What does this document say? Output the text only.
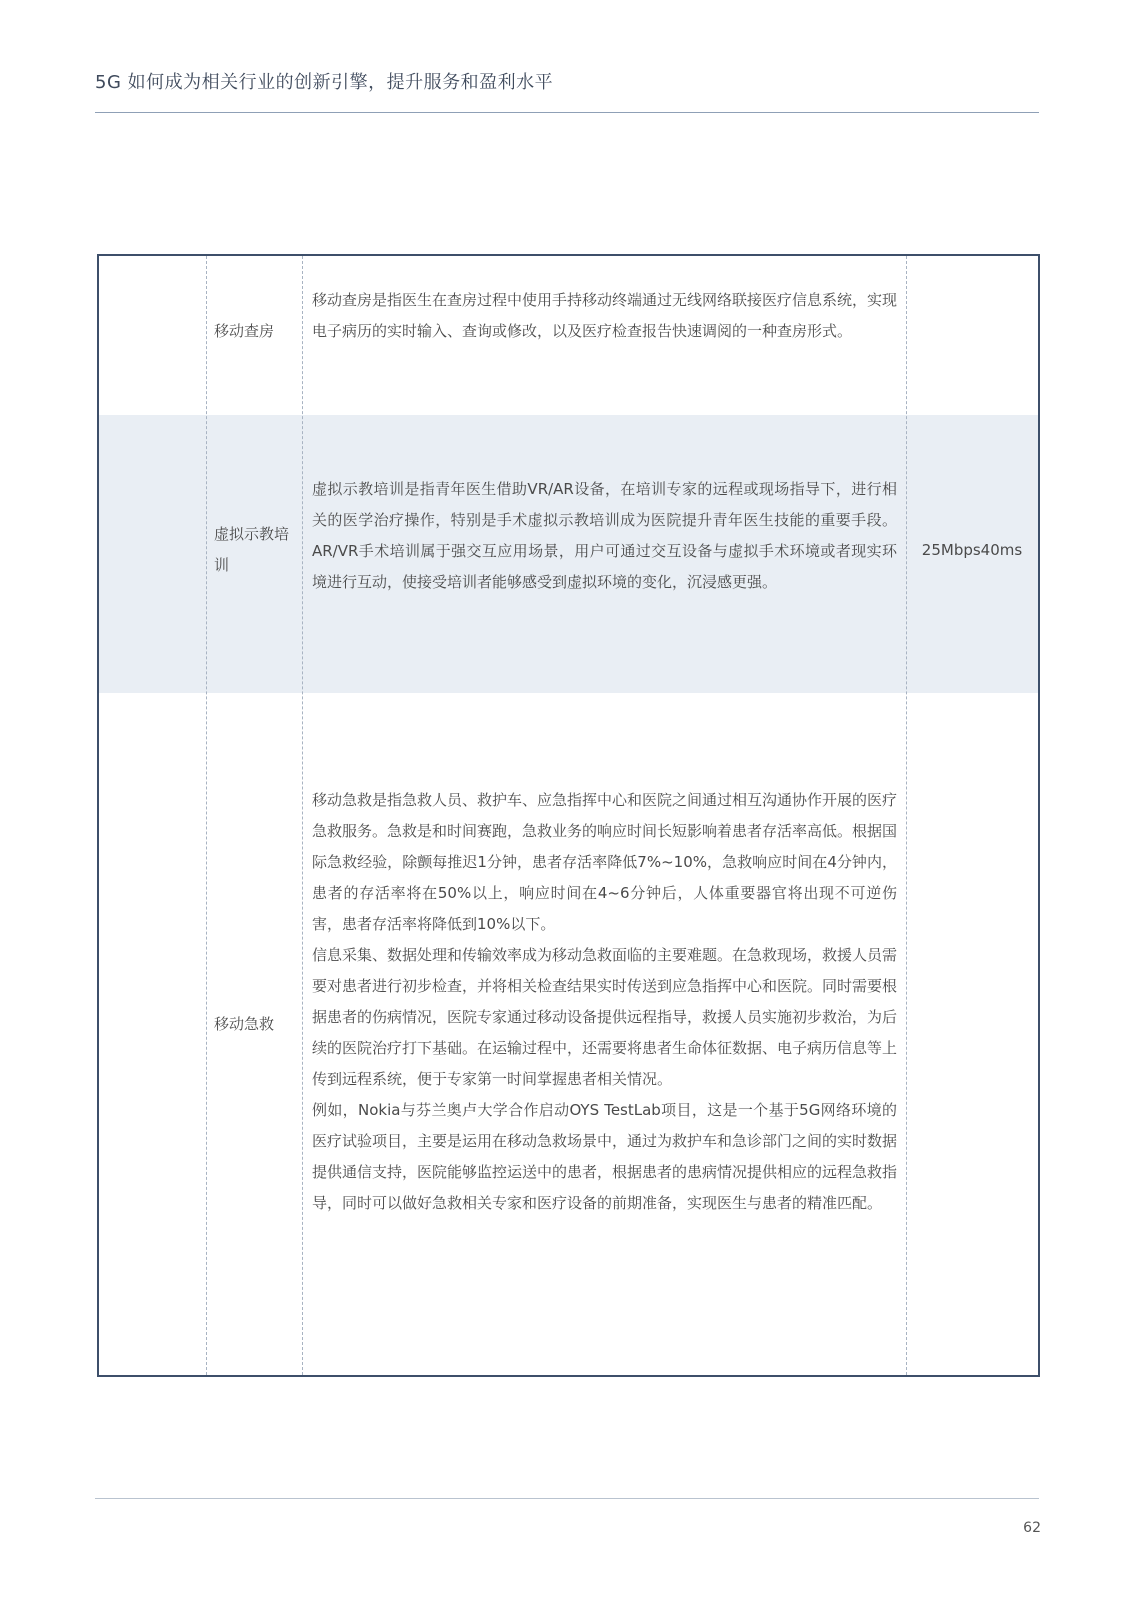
5G 如何成为相关行业的创新引擎，提升服务和盈利水平
移动查房

移动查房是指医生在查房过程中使用手持移动终端通过无线网络联接医疗信息系统，实现电子病历的实时输入、查询或修改，以及医疗检查报告快速调阅的一种查房形式。

虚拟示教培训

虚拟示教培训是指青年医生借助VR/AR设备，在培训专家的远程或现场指导下，进行相关的医学治疗操作，特别是手术虚拟示教培训成为医院提升青年医生技能的重要手段。AR/VR手术培训属于强交互应用场景，用户可通过交互设备与虚拟手术环境或者现实环境进行互动，使接受培训者能够感受到虚拟环境的变化，沉浸感更强。

25Mbps40ms
移动急救

移动急救是指急救人员、救护车、应急指挥中心和医院之间通过相互沟通协作开展的医疗急救服务。急救是和时间赛跑，急救业务的响应时间长短影响着患者存活率高低。根据国际急救经验，除颤每推迟1分钟，患者存活率降低7%~10%，急救响应时间在4分钟内，患者的存活率将在50%以上，响应时间在4~6分钟后，人体重要器官将出现不可逆伤害，患者存活率将降低到10%以下。

信息采集、数据处理和传输效率成为移动急救面临的主要难题。在急救现场，救援人员需要对患者进行初步检查，并将相关检查结果实时传送到应急指挥中心和医院。同时需要根据患者的伤病情况，医院专家通过移动设备提供远程指导，救援人员实施初步救治，为后续的医院治疗打下基础。在运输过程中，还需要将患者生命体征数据、电子病历信息等上传到远程系统，便于专家第一时间掌握患者相关情况。

例如，Nokia与芬兰奥卢大学合作启动OYS TestLab项目，这是一个基于5G网络环境的医疗试验项目，主要是运用在移动急救场景中，通过为救护车和急诊部门之间的实时数据提供通信支持，医院能够监控运送中的患者，根据患者的患病情况提供相应的远程急救指导，同时可以做好急救相关专家和医疗设备的前期准备，实现医生与患者的精准匹配。

62
